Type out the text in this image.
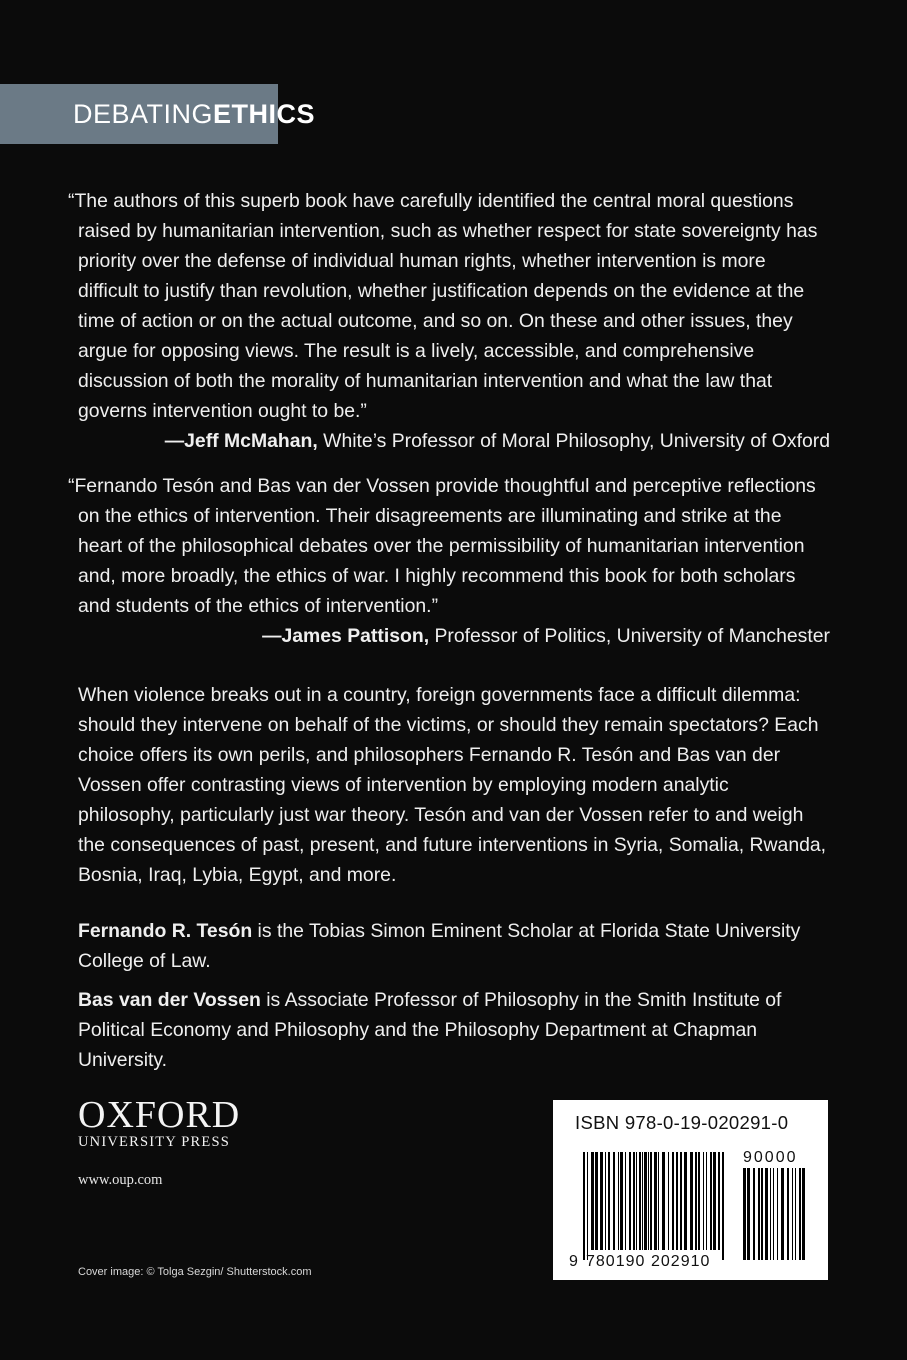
DEBATING ETHICS

“The authors of this superb book have carefully identified the central moral questions raised by humanitarian intervention, such as whether respect for state sovereignty has priority over the defense of individual human rights, whether intervention is more difficult to justify than revolution, whether justification depends on the evidence at the time of action or on the actual outcome, and so on. On these and other issues, they argue for opposing views. The result is a lively, accessible, and comprehensive discussion of both the morality of humanitarian intervention and what the law that governs intervention ought to be.”

—Jeff McMahan, White’s Professor of Moral Philosophy, University of Oxford

“Fernando Tesón and Bas van der Vossen provide thoughtful and perceptive reflections on the ethics of intervention. Their disagreements are illuminating and strike at the heart of the philosophical debates over the permissibility of humanitarian intervention and, more broadly, the ethics of war. I highly recommend this book for both scholars and students of the ethics of intervention.”

—James Pattison, Professor of Politics, University of Manchester

When violence breaks out in a country, foreign governments face a difficult dilemma: should they intervene on behalf of the victims, or should they remain spectators? Each choice offers its own perils, and philosophers Fernando R. Tesón and Bas van der Vossen offer contrasting views of intervention by employing modern analytic philosophy, particularly just war theory. Tesón and van der Vossen refer to and weigh the consequences of past, present, and future interventions in Syria, Somalia, Rwanda, Bosnia, Iraq, Lybia, Egypt, and more.

Fernando R. Tesón is the Tobias Simon Eminent Scholar at Florida State University College of Law.

Bas van der Vossen is Associate Professor of Philosophy in the Smith Institute of Political Economy and Philosophy and the Philosophy Department at Chapman University.

OXFORD
UNIVERSITY PRESS
www.oup.com
Cover image: © Tolga Sezgin/ Shutterstock.com
ISBN 978-0-19-020291-0
9 780190 202910
90000
